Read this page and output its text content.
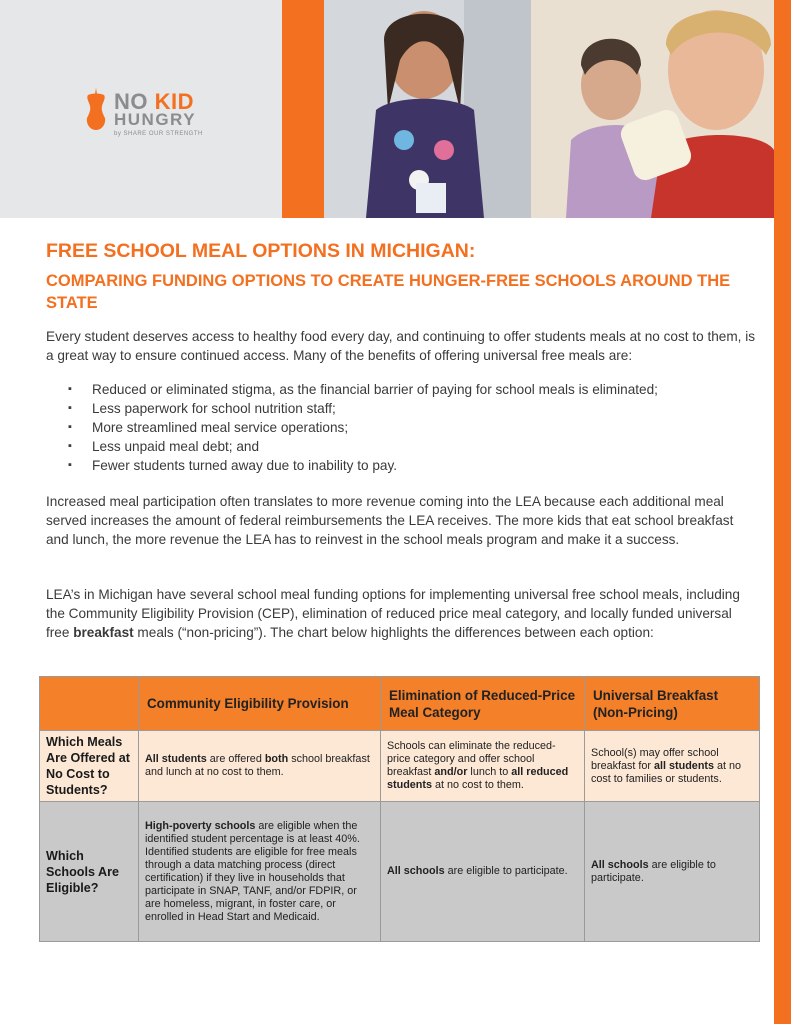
NO KID
HUNGRY
by SHARE OUR STRENGTH
FREE SCHOOL MEAL OPTIONS IN MICHIGAN:
COMPARING FUNDING OPTIONS TO CREATE HUNGER-FREE SCHOOLS AROUND THE STATE

Every student deserves access to healthy food every day, and continuing to offer students meals at no cost to them, is a great way to ensure continued access. Many of the benefits of offering universal free meals are:

▪ Reduced or eliminated stigma, as the financial barrier of paying for school meals is eliminated;
▪ Less paperwork for school nutrition staff;
▪ More streamlined meal service operations;
▪ Less unpaid meal debt; and
▪ Fewer students turned away due to inability to pay.

Increased meal participation often translates to more revenue coming into the LEA because each additional meal served increases the amount of federal reimbursements the LEA receives. The more kids that eat school breakfast and lunch, the more revenue the LEA has to reinvest in the school meals program and make it a success.

LEA’s in Michigan have several school meal funding options for implementing universal free school meals, including the Community Eligibility Provision (CEP), elimination of reduced price meal category, and locally funded universal free breakfast meals (“non-pricing”). The chart below highlights the differences between each option:

	Community Eligibility Provision	Elimination of Reduced-Price Meal Category	Universal Breakfast (Non-Pricing)
Which Meals Are Offered at No Cost to Students?	All students are offered both school breakfast and lunch at no cost to them.	Schools can eliminate the reduced-price category and offer school breakfast and/or lunch to all reduced students at no cost to them.	School(s) may offer school breakfast for all students at no cost to families or students.
Which Schools Are Eligible?	High-poverty schools are eligible when the identified student percentage is at least 40%. Identified students are eligible for free meals through a data matching process (direct certification) if they live in households that participate in SNAP, TANF, and/or FDPIR, or are homeless, migrant, in foster care, or enrolled in Head Start and Medicaid.	All schools are eligible to participate.	All schools are eligible to participate.
